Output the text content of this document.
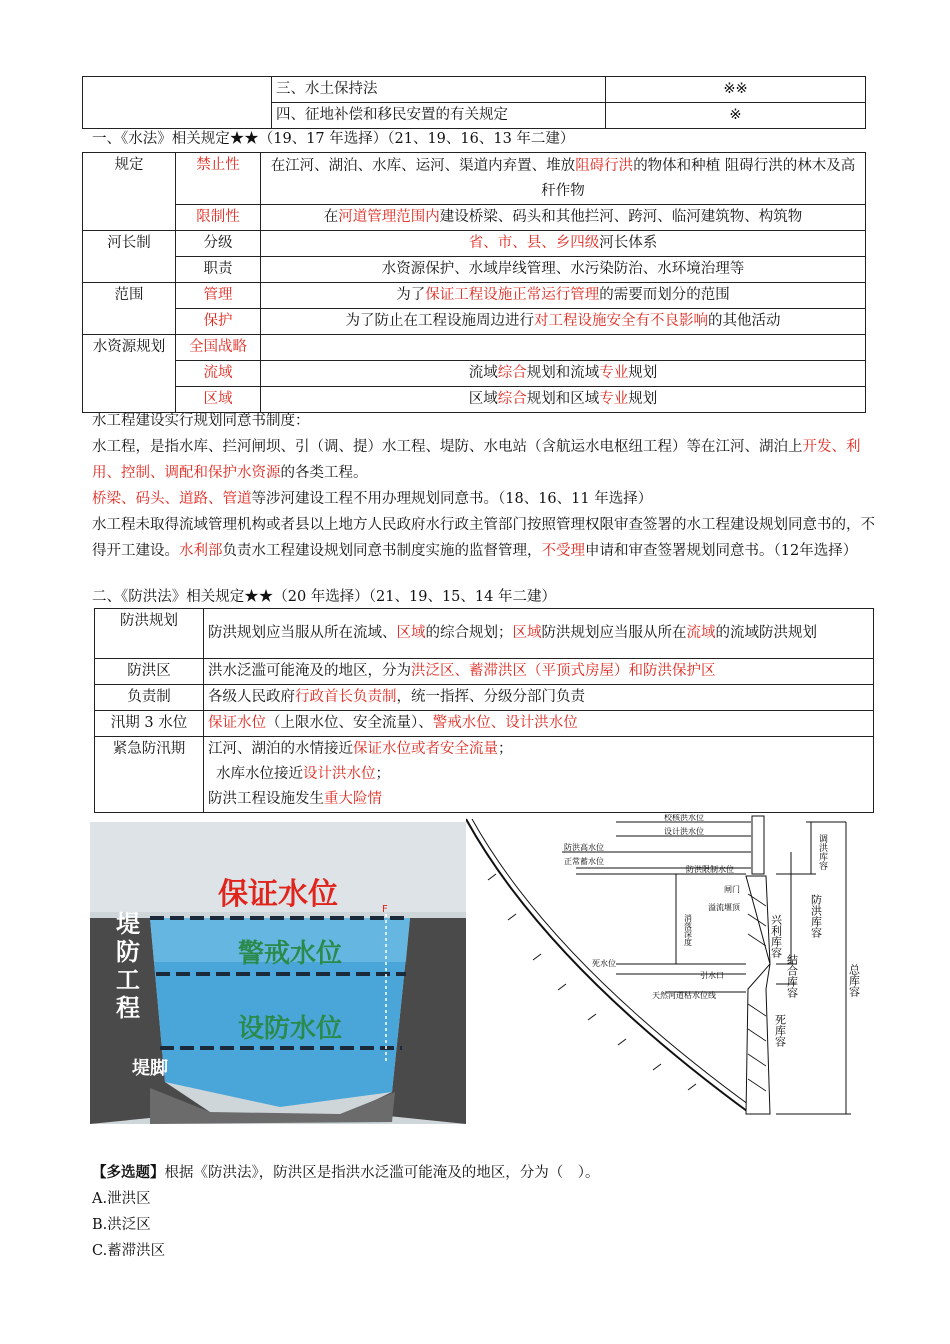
	三、水土保持法	※※
	四、征地补偿和移民安置的有关规定	※
一、《水法》相关规定★★（19、17 年选择）（21、19、16、13 年二建）
规定	禁止性	在江河、湖泊、水库、运河、渠道内弃置、堆放阻碍行洪的物体和种植 阻碍行洪的林木及高秆作物
	限制性	在河道管理范围内建设桥梁、码头和其他拦河、跨河、临河建筑物、构筑物
河长制	分级	省、市、县、乡四级河长体系
	职责	水资源保护、水域岸线管理、水污染防治、水环境治理等
范围	管理	为了保证工程设施正常运行管理的需要而划分的范围
	保护	为了防止在工程设施周边进行对工程设施安全有不良影响的其他活动
水资源规划	全国战略	
	流域	流域综合规划和流域专业规划
	区域	区域综合规划和区域专业规划
水工程建设实行规划同意书制度：
水工程，是指水库、拦河闸坝、引（调、提）水工程、堤防、水电站（含航运水电枢纽工程）等在江河、湖泊上开发、利用、控制、调配和保护水资源的各类工程。
桥梁、码头、道路、管道等涉河建设工程不用办理规划同意书。（18、16、11 年选择）
水工程未取得流域管理机构或者县以上地方人民政府水行政主管部门按照管理权限审查签署的水工程建设规划同意书的，不得开工建设。水利部负责水工程建设规划同意书制度实施的监督管理，不受理申请和审查签署规划同意书。（12年选择）
二、《防洪法》相关规定★★（20 年选择）（21、19、15、14 年二建）
防洪规划	防洪规划应当服从所在流域、区域的综合规划；区域防洪规划应当服从所在流域的流域防洪规划
防洪区	洪水泛滥可能淹及的地区，分为洪泛区、蓄滞洪区（平顶式房屋）和防洪保护区
负责制	各级人民政府行政首长负责制，统一指挥、分级分部门负责
汛期 3 水位	保证水位（上限水位、安全流量）、警戒水位、设计洪水位
紧急防汛期	江河、湖泊的水情接近保证水位或者安全流量；
水库水位接近设计洪水位；
防洪工程设施发生重大险情
F
保证水位
警戒水位
设防水位
堤防工程
堤脚
校核洪水位
设计洪水位
防洪高水位
正常蓄水位
防洪限制水位
消落深度
闸门
溢流堰顶
死水位
引水口
天然河道枯水位线
调洪库容
兴利库容
结合库容
防洪库容
死库容
总库容
【多选题】根据《防洪法》，防洪区是指洪水泛滥可能淹及的地区，分为（　）。
A.泄洪区
B.洪泛区
C.蓄滞洪区
